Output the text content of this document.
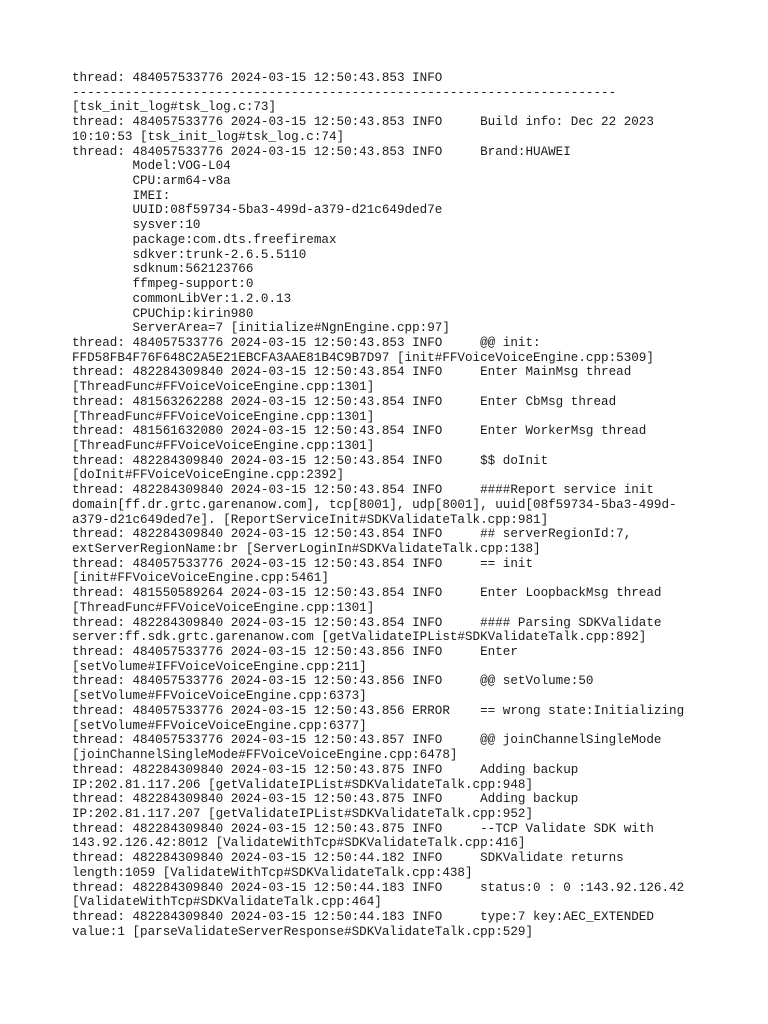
thread: 484057533776 2024-03-15 12:50:43.853 INFO
------------------------------------------------------------------------
[tsk_init_log#tsk_log.c:73]
thread: 484057533776 2024-03-15 12:50:43.853 INFO     Build info: Dec 22 2023
10:10:53 [tsk_init_log#tsk_log.c:74]
thread: 484057533776 2024-03-15 12:50:43.853 INFO     Brand:HUAWEI
Model:VOG-L04
CPU:arm64-v8a
IMEI:
UUID:08f59734-5ba3-499d-a379-d21c649ded7e
sysver:10
package:com.dts.freefiremax
sdkver:trunk-2.6.5.5110
sdknum:562123766
ffmpeg-support:0
commonLibVer:1.2.0.13
CPUChip:kirin980
ServerArea=7 [initialize#NgnEngine.cpp:97]
thread: 484057533776 2024-03-15 12:50:43.853 INFO     @@ init:
FFD58FB4F76F648C2A5E21EBCFA3AAE81B4C9B7D97 [init#FFVoiceVoiceEngine.cpp:5309]
thread: 482284309840 2024-03-15 12:50:43.854 INFO     Enter MainMsg thread
[ThreadFunc#FFVoiceVoiceEngine.cpp:1301]
thread: 481563262288 2024-03-15 12:50:43.854 INFO     Enter CbMsg thread
[ThreadFunc#FFVoiceVoiceEngine.cpp:1301]
thread: 481561632080 2024-03-15 12:50:43.854 INFO     Enter WorkerMsg thread
[ThreadFunc#FFVoiceVoiceEngine.cpp:1301]
thread: 482284309840 2024-03-15 12:50:43.854 INFO     $$ doInit
[doInit#FFVoiceVoiceEngine.cpp:2392]
thread: 482284309840 2024-03-15 12:50:43.854 INFO     ####Report service init
domain[ff.dr.grtc.garenanow.com], tcp[8001], udp[8001], uuid[08f59734-5ba3-499d-
a379-d21c649ded7e]. [ReportServiceInit#SDKValidateTalk.cpp:981]
thread: 482284309840 2024-03-15 12:50:43.854 INFO     ## serverRegionId:7,
extServerRegionName:br [ServerLoginIn#SDKValidateTalk.cpp:138]
thread: 484057533776 2024-03-15 12:50:43.854 INFO     == init
[init#FFVoiceVoiceEngine.cpp:5461]
thread: 481550589264 2024-03-15 12:50:43.854 INFO     Enter LoopbackMsg thread
[ThreadFunc#FFVoiceVoiceEngine.cpp:1301]
thread: 482284309840 2024-03-15 12:50:43.854 INFO     #### Parsing SDKValidate
server:ff.sdk.grtc.garenanow.com [getValidateIPList#SDKValidateTalk.cpp:892]
thread: 484057533776 2024-03-15 12:50:43.856 INFO     Enter
[setVolume#IFFVoiceVoiceEngine.cpp:211]
thread: 484057533776 2024-03-15 12:50:43.856 INFO     @@ setVolume:50
[setVolume#FFVoiceVoiceEngine.cpp:6373]
thread: 484057533776 2024-03-15 12:50:43.856 ERROR    == wrong state:Initializing
[setVolume#FFVoiceVoiceEngine.cpp:6377]
thread: 484057533776 2024-03-15 12:50:43.857 INFO     @@ joinChannelSingleMode
[joinChannelSingleMode#FFVoiceVoiceEngine.cpp:6478]
thread: 482284309840 2024-03-15 12:50:43.875 INFO     Adding backup
IP:202.81.117.206 [getValidateIPList#SDKValidateTalk.cpp:948]
thread: 482284309840 2024-03-15 12:50:43.875 INFO     Adding backup
IP:202.81.117.207 [getValidateIPList#SDKValidateTalk.cpp:952]
thread: 482284309840 2024-03-15 12:50:43.875 INFO     --TCP Validate SDK with
143.92.126.42:8012 [ValidateWithTcp#SDKValidateTalk.cpp:416]
thread: 482284309840 2024-03-15 12:50:44.182 INFO     SDKValidate returns
length:1059 [ValidateWithTcp#SDKValidateTalk.cpp:438]
thread: 482284309840 2024-03-15 12:50:44.183 INFO     status:0 : 0 :143.92.126.42
[ValidateWithTcp#SDKValidateTalk.cpp:464]
thread: 482284309840 2024-03-15 12:50:44.183 INFO     type:7 key:AEC_EXTENDED
value:1 [parseValidateServerResponse#SDKValidateTalk.cpp:529]
